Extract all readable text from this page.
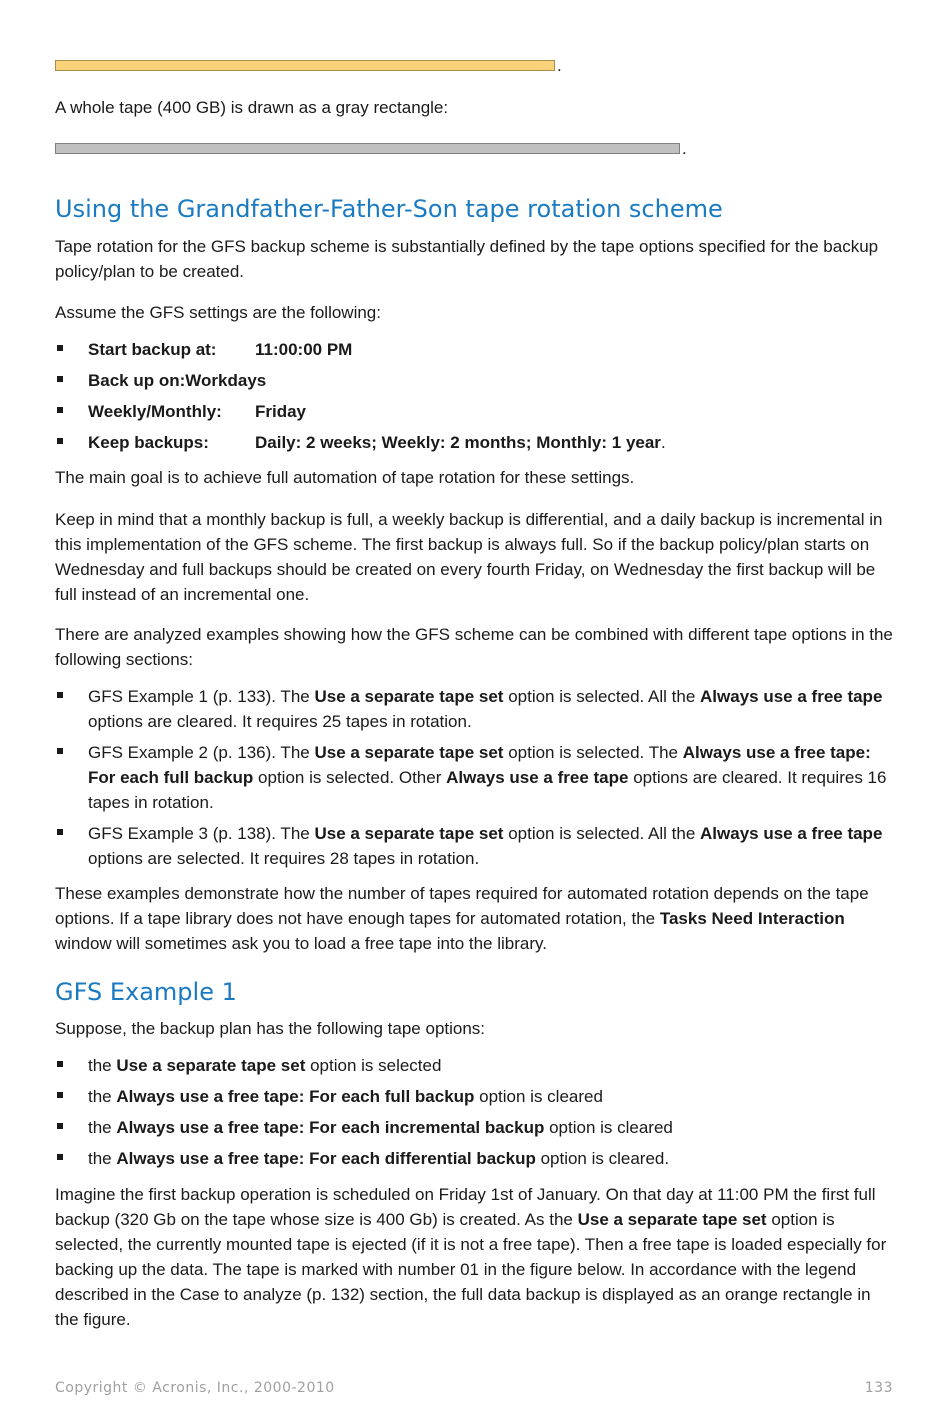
.

A whole tape (400 GB) is drawn as a gray rectangle:

.
Using the Grandfather-Father-Son tape rotation scheme

Tape rotation for the GFS backup scheme is substantially defined by the tape options specified for the backup policy/plan to be created.

Assume the GFS settings are the following:

Start backup at: 11:00:00 PM
Back up on:Workdays
Weekly/Monthly: Friday
Keep backups:	Daily: 2 weeks; Weekly: 2 months; Monthly: 1 year.

The main goal is to achieve full automation of tape rotation for these settings.

Keep in mind that a monthly backup is full, a weekly backup is differential, and a daily backup is incremental in this implementation of the GFS scheme. The first backup is always full. So if the backup policy/plan starts on Wednesday and full backups should be created on every fourth Friday, on Wednesday the first backup will be full instead of an incremental one.

There are analyzed examples showing how the GFS scheme can be combined with different tape options in the following sections:

GFS Example 1 (p. 133). The Use a separate tape set option is selected. All the Always use a free tape options are cleared. It requires 25 tapes in rotation.
GFS Example 2 (p. 136). The Use a separate tape set option is selected. The Always use a free tape: For each full backup option is selected. Other Always use a free tape options are cleared. It requires 16 tapes in rotation.
GFS Example 3 (p. 138). The Use a separate tape set option is selected. All the Always use a free tape options are selected. It requires 28 tapes in rotation.

These examples demonstrate how the number of tapes required for automated rotation depends on the tape options. If a tape library does not have enough tapes for automated rotation, the Tasks Need Interaction window will sometimes ask you to load a free tape into the library.

GFS Example 1

Suppose, the backup plan has the following tape options:

the Use a separate tape set option is selected
the Always use a free tape: For each full backup option is cleared
the Always use a free tape: For each incremental backup option is cleared
the Always use a free tape: For each differential backup option is cleared.

Imagine the first backup operation is scheduled on Friday 1st of January. On that day at 11:00 PM the first full backup (320 Gb on the tape whose size is 400 Gb) is created. As the Use a separate tape set option is selected, the currently mounted tape is ejected (if it is not a free tape). Then a free tape is loaded especially for backing up the data. The tape is marked with number 01 in the figure below. In accordance with the legend described in the Case to analyze (p. 132) section, the full data backup is displayed as an orange rectangle in the figure.

Copyright © Acronis, Inc., 2000-2010	133
